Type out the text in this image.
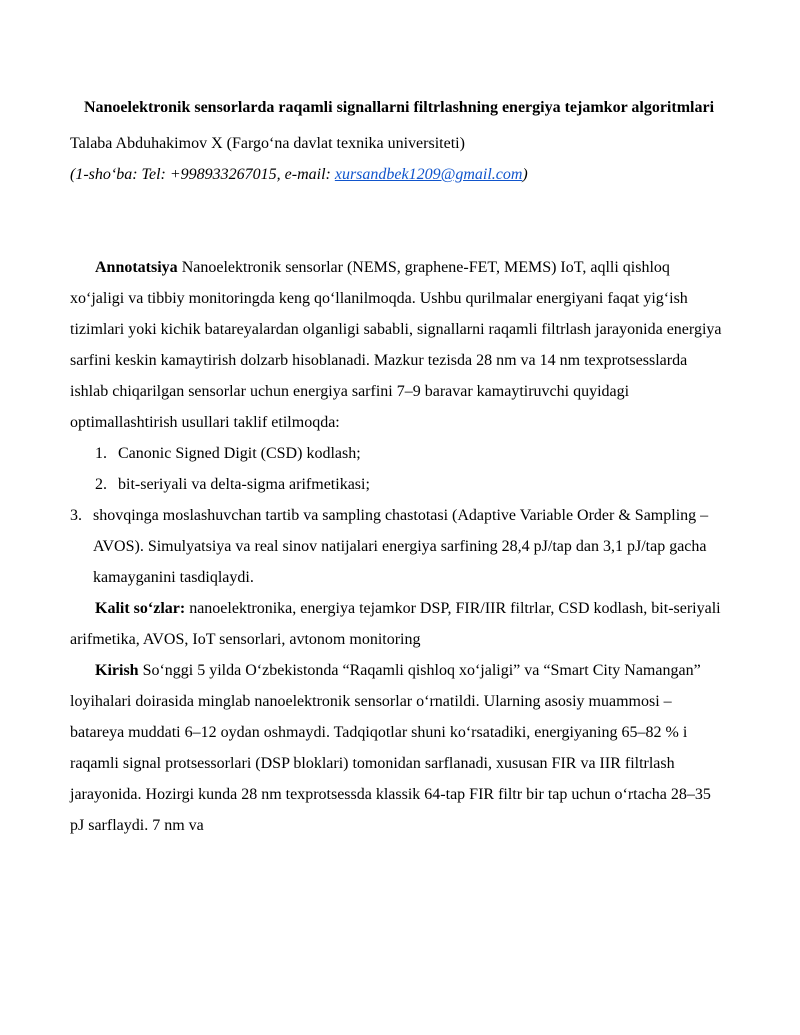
Nanoelektronik sensorlarda raqamli signallarni filtrlashning energiya tejamkor algoritmlari

Talaba Abduhakimov X (Fargoʻna davlat texnika universiteti)

(1-shoʻba: Tel: +998933267015, e-mail: xursandbek1209@gmail.com)

Annotatsiya Nanoelektronik sensorlar (NEMS, graphene-FET, MEMS) IoT, aqlli qishloq xoʻjaligi va tibbiy monitoringda keng qoʻllanilmoqda. Ushbu qurilmalar energiyani faqat yigʻish tizimlari yoki kichik batareyalardan olganligi sababli, signallarni raqamli filtrlash jarayonida energiya sarfini keskin kamaytirish dolzarb hisoblanadi. Mazkur tezisda 28 nm va 14 nm texprotsesslarda ishlab chiqarilgan sensorlar uchun energiya sarfini 7–9 baravar kamaytiruvchi quyidagi optimallashtirish usullari taklif etilmoqda:

1. Canonic Signed Digit (CSD) kodlash;
2. bit-seriyali va delta-sigma arifmetikasi;
3. shovqinga moslashuvchan tartib va sampling chastotasi (Adaptive Variable Order & Sampling – AVOS). Simulyatsiya va real sinov natijalari energiya sarfining 28,4 pJ/tap dan 3,1 pJ/tap gacha kamayganini tasdiqlaydi.

Kalit soʻzlar: nanoelektronika, energiya tejamkor DSP, FIR/IIR filtrlar, CSD kodlash, bit-seriyali arifmetika, AVOS, IoT sensorlari, avtonom monitoring

Kirish Soʻnggi 5 yilda Oʻzbekistonda “Raqamli qishloq xoʻjaligi” va “Smart City Namangan” loyihalari doirasida minglab nanoelektronik sensorlar oʻrnatildi. Ularning asosiy muammosi – batareya muddati 6–12 oydan oshmaydi. Tadqiqotlar shuni koʻrsatadiki, energiyaning 65–82 % i raqamli signal protsessorlari (DSP bloklari) tomonidan sarflanadi, xususan FIR va IIR filtrlash jarayonida. Hozirgi kunda 28 nm texprotsessda klassik 64-tap FIR filtr bir tap uchun oʻrtacha 28–35 pJ sarflaydi. 7 nm va
